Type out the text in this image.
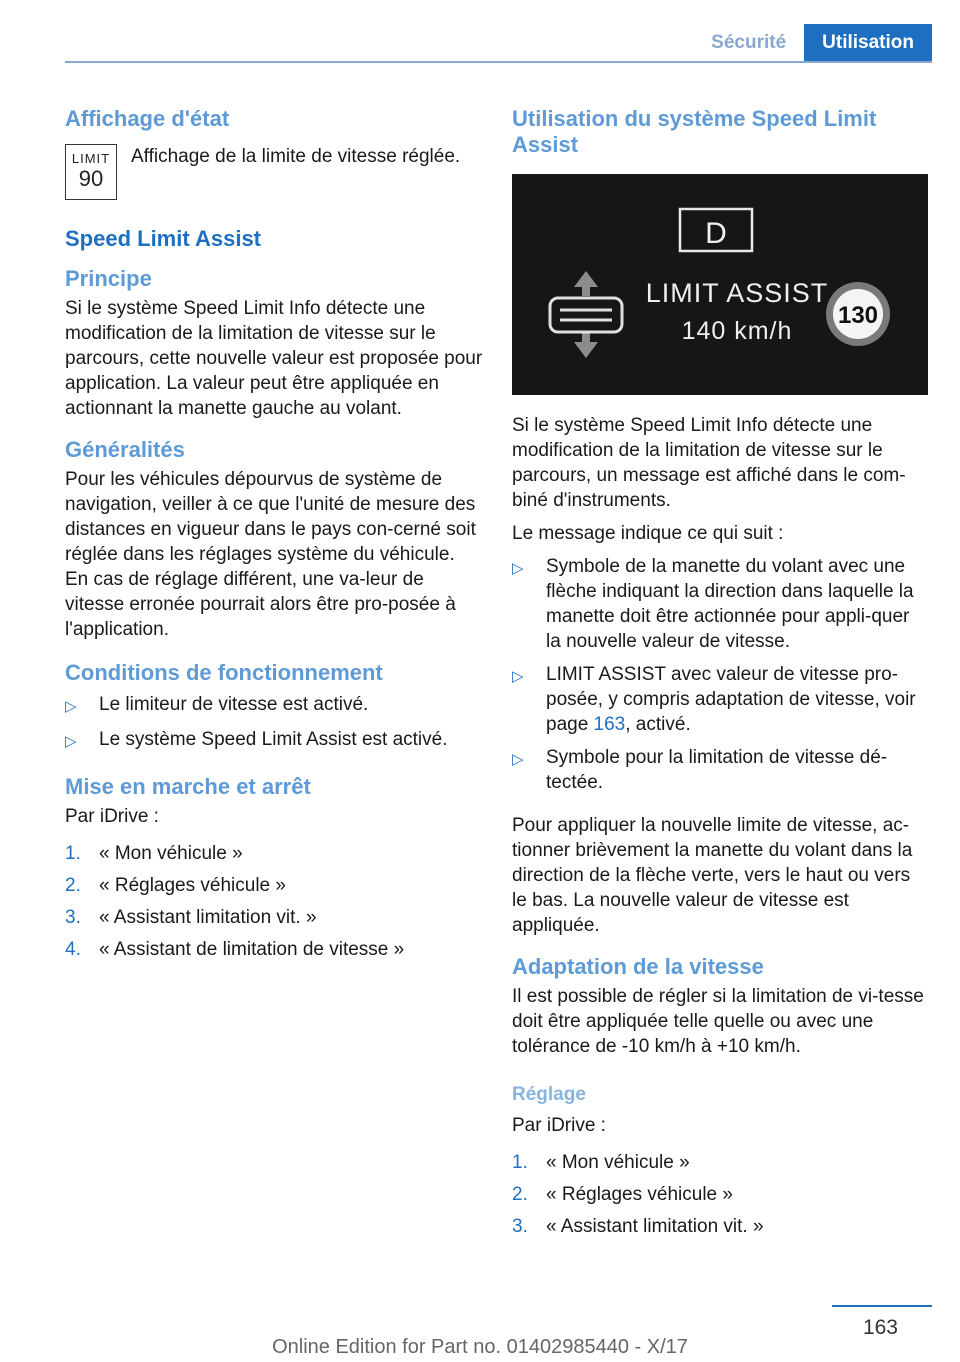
Sécurité	Utilisation
Affichage d'état
LIMIT
90

Affichage de la limite de vitesse réglée.

Speed Limit Assist
Principe

Si le système Speed Limit Info détecte une modification de la limitation de vitesse sur le parcours, cette nouvelle valeur est proposée pour application. La valeur peut être appliquée en actionnant la manette gauche au volant.

Généralités

Pour les véhicules dépourvus de système de navigation, veiller à ce que l'unité de mesure des distances en vigueur dans le pays con-cerné soit réglée dans les réglages système du véhicule. En cas de réglage différent, une va-leur de vitesse erronée pourrait alors être pro-posée à l'application.

Conditions de fonctionnement
▷	Le limiteur de vitesse est activé.
▷	Le système Speed Limit Assist est activé.
Mise en marche et arrêt

Par iDrive :

1. « Mon véhicule »
2. « Réglages véhicule »
3. « Assistant limitation vit. »
4. « Assistant de limitation de vitesse »
Utilisation du système Speed Limit Assist
D
LIMIT ASSIST
140 km/h
130

Si le système Speed Limit Info détecte une modification de la limitation de vitesse sur le parcours, un message est affiché dans le com-biné d'instruments.

Le message indique ce qui suit :

▷	Symbole de la manette du volant avec une flèche indiquant la direction dans laquelle la manette doit être actionnée pour appli-quer la nouvelle valeur de vitesse.
▷	LIMIT ASSIST avec valeur de vitesse pro-posée, y compris adaptation de vitesse, voir page 163, activé.
▷	Symbole pour la limitation de vitesse dé-tectée.

Pour appliquer la nouvelle limite de vitesse, ac-tionner brièvement la manette du volant dans la direction de la flèche verte, vers le haut ou vers le bas. La nouvelle valeur de vitesse est appliquée.

Adaptation de la vitesse

Il est possible de régler si la limitation de vi-tesse doit être appliquée telle quelle ou avec une tolérance de -10 km/h à +10 km/h.

Réglage

Par iDrive :

1. « Mon véhicule »
2. « Réglages véhicule »
3. « Assistant limitation vit. »
163
Online Edition for Part no. 01402985440 - X/17
